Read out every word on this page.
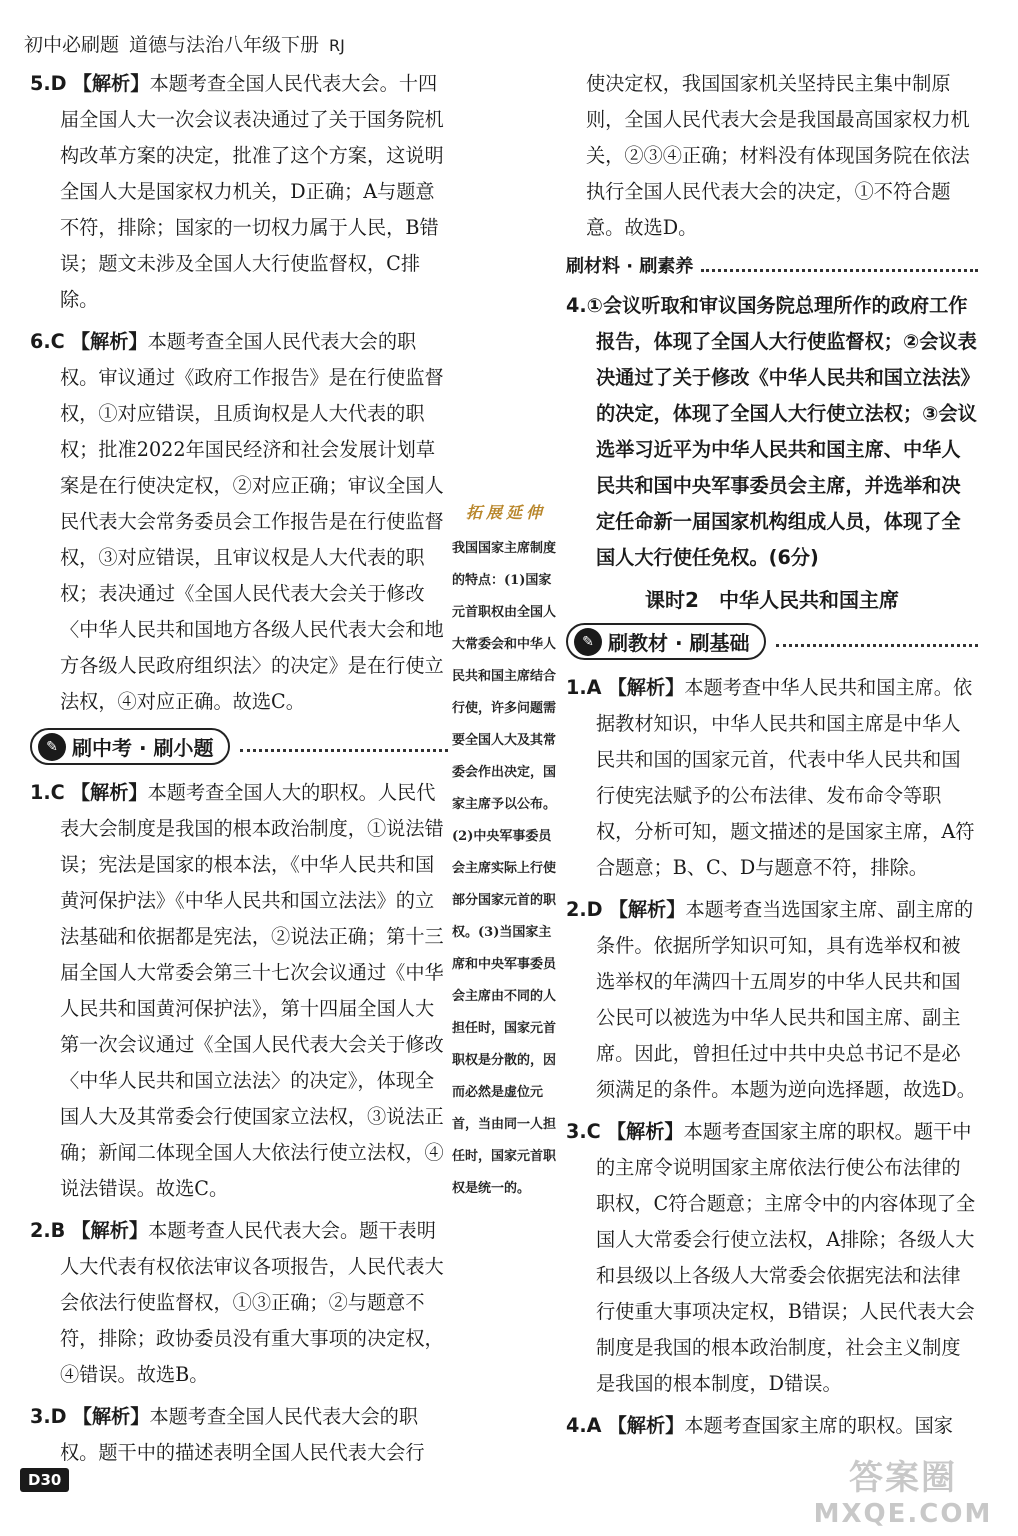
初中必刷题 道德与法治八年级下册 RJ
5.D 【解析】本题考查全国人民代表大会。十四届全国人大一次会议表决通过了关于国务院机构改革方案的决定，批准了这个方案，这说明全国人大是国家权力机关，D正确；A与题意不符，排除；国家的一切权力属于人民，B错误；题文未涉及全国人大行使监督权，C排除。
6.C 【解析】本题考查全国人民代表大会的职权。审议通过《政府工作报告》是在行使监督权，①对应错误，且质询权是人大代表的职权；批准2022年国民经济和社会发展计划草案是在行使决定权，②对应正确；审议全国人民代表大会常务委员会工作报告是在行使监督权，③对应错误，且审议权是人大代表的职权；表决通过《全国人民代表大会关于修改〈中华人民共和国地方各级人民代表大会和地方各级人民政府组织法〉的决定》是在行使立法权，④对应正确。故选C。
✎ 刷中考 · 刷小题
1.C 【解析】本题考查全国人大的职权。人民代表大会制度是我国的根本政治制度，①说法错误；宪法是国家的根本法，《中华人民共和国黄河保护法》《中华人民共和国立法法》的立法基础和依据都是宪法，②说法正确；第十三届全国人大常委会第三十七次会议通过《中华人民共和国黄河保护法》，第十四届全国人大第一次会议通过《全国人民代表大会关于修改〈中华人民共和国立法法〉的决定》，体现全国人大及其常委会行使国家立法权，③说法正确；新闻二体现全国人大依法行使立法权，④说法错误。故选C。
2.B 【解析】本题考查人民代表大会。题干表明人大代表有权依法审议各项报告，人民代表大会依法行使监督权，①③正确；②与题意不符，排除；政协委员没有重大事项的决定权，④错误。故选B。
3.D 【解析】本题考查全国人民代表大会的职权。题干中的描述表明全国人民代表大会行
拓展延伸
我国国家主席制度的特点：(1)国家元首职权由全国人大常委会和中华人民共和国主席结合行使，许多问题需要全国人大及其常委会作出决定，国家主席予以公布。(2)中央军事委员会主席实际上行使部分国家元首的职权。(3)当国家主席和中央军事委员会主席由不同的人担任时，国家元首职权是分散的，因而必然是虚位元首，当由同一人担任时，国家元首职权是统一的。
使决定权，我国国家机关坚持民主集中制原则，全国人民代表大会是我国最高国家权力机关，②③④正确；材料没有体现国务院在依法执行全国人民代表大会的决定，①不符合题意。故选D。
刷材料 · 刷素养
4.①会议听取和审议国务院总理所作的政府工作报告，体现了全国人大行使监督权；②会议表决通过了关于修改《中华人民共和国立法法》的决定，体现了全国人大行使立法权；③会议选举习近平为中华人民共和国主席、中华人民共和国中央军事委员会主席，并选举和决定任命新一届国家机构组成人员，体现了全国人大行使任免权。(6分)
课时2　中华人民共和国主席
✎ 刷教材 · 刷基础
1.A 【解析】本题考查中华人民共和国主席。依据教材知识，中华人民共和国主席是中华人民共和国的国家元首，代表中华人民共和国行使宪法赋予的公布法律、发布命令等职权，分析可知，题文描述的是国家主席，A符合题意；B、C、D与题意不符，排除。
2.D 【解析】本题考查当选国家主席、副主席的条件。依据所学知识可知，具有选举权和被选举权的年满四十五周岁的中华人民共和国公民可以被选为中华人民共和国主席、副主席。因此，曾担任过中共中央总书记不是必须满足的条件。本题为逆向选择题，故选D。
3.C 【解析】本题考查国家主席的职权。题干中的主席令说明国家主席依法行使公布法律的职权，C符合题意；主席令中的内容体现了全国人大常委会行使立法权，A排除；各级人大和县级以上各级人大常委会依据宪法和法律行使重大事项决定权，B错误；人民代表大会制度是我国的根本政治制度，社会主义制度是我国的根本制度，D错误。
4.A 【解析】本题考查国家主席的职权。国家
D30	答案圈
MXQE.COM
